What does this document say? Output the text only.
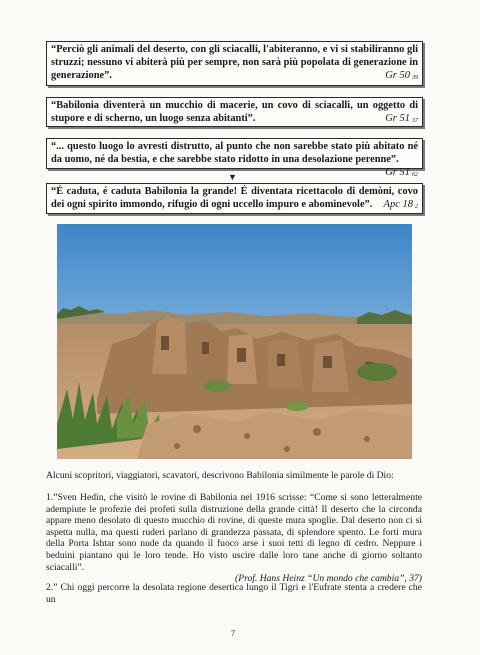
“Perciò gli animali del deserto, con gli sciacalli, l'abiteranno, e vi si stabiliranno gli struzzi; nessuno vi abiterà più per sempre, non sarà più popolata di generazione in generazione”.	Gr 50 $_{39}$
“Babilonia diventerà un mucchio di macerie, un covo di sciacalli, un oggetto di stupore e di scherno, un luogo senza abitanti”.	Gr 51 $_{37}$
“... questo luogo lo avresti distrutto, al punto che non sarebbe stato più abitato né da uomo, né da bestia, e che sarebbe stato ridotto in una desolazione perenne”.
Gr 51 $_{62}$
▼
“É caduta, é caduta Babilonia la grande! É diventata ricettacolo di demòni, covo dei ogni spirito immondo, rifugio di ogni uccello impuro e abominevole”. Apc 18 $_2$
Alcuni scopritori, viaggiatori, scavatori, descrivono Babilonia similmente le parole di Dio:
1.”Sven Hedin, che visitò le rovine di Babilonia nel 1916 scrisse: “Come si sono letteralmente adempiute le profezie dei profeti sulla distruzione della grande città! Il deserto che la circonda appare meno desolato di questo mucchio di rovine, di queste mura spoglie. Dal deserto non ci si aspetta nulla, ma questi ruderi parlano di grandezza passata, di splendore spento. Le forti mura della Porta Ishtar sono nude da quando il fuoco arse i suoi tetti di legno di cedro. Neppure i beduini piantano qui le loro tende. Ho visto uscire dalle loro tane anche di giorno soltanto sciacalli”.
(Prof. Hans Heinz “Un mondo che cambia”, 37)
2.” Chi oggi percorre la desolata regione desertica lungo il Tigri e l'Eufrate stenta a credere che un
7
